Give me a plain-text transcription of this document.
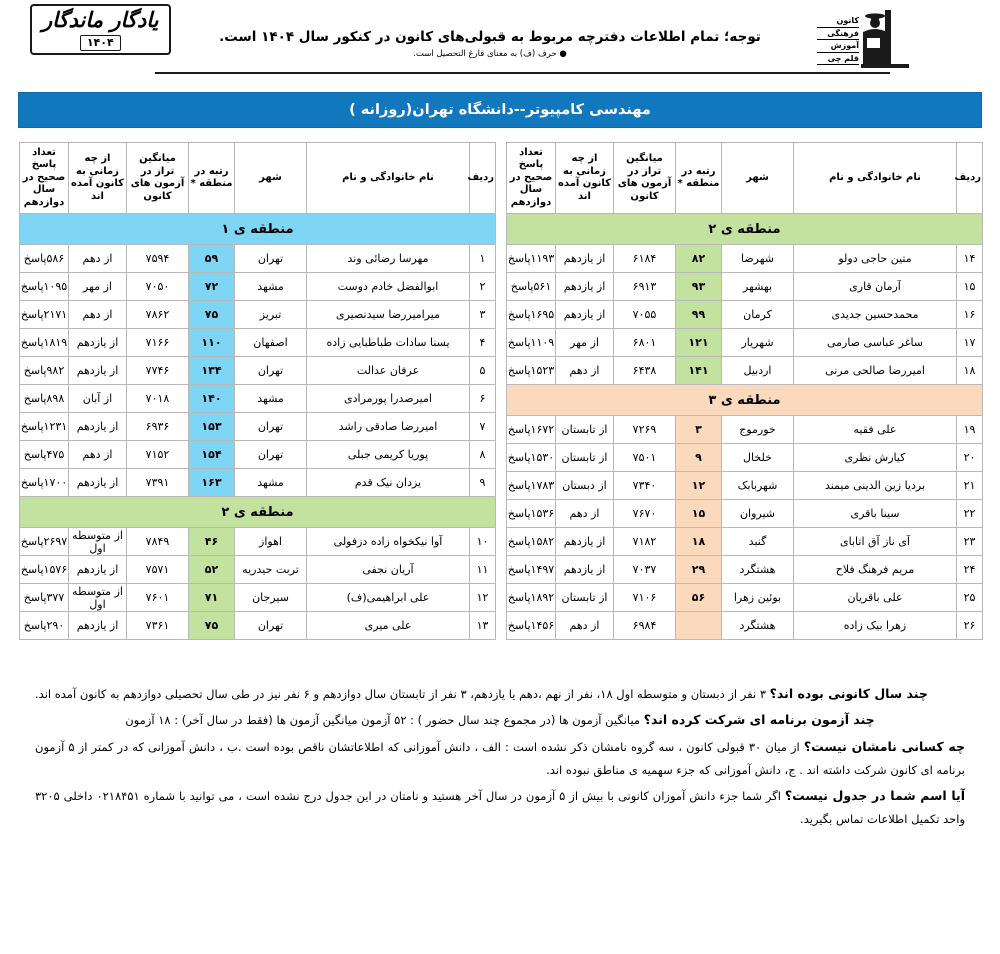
کانون
فرهنگی
آموزش
قلم چی
توجه؛ تمام اطلاعات دفترچه مربوط به قبولی‌های کانون در کنکور سال ۱۴۰۴ است.
● حرف (ف) به معنای فارغ التحصیل است.
یادگار ماندگار
۱۴۰۴
مهندسی کامپیوتر--دانشگاه تهران(روزانه )
ردیف	نام خانوادگی و نام	شهر	رتبه در منطقه *	میانگین تراز در آزمون های کانون	از چه زمانی به کانون آمده اند	تعداد پاسخ صحیح در سال دوازدهم
منطقه ی ۱						
۱	مهرسا رضائی وند	تهران	۵۹	۷۵۹۴	از دهم	۵۸۶پاسخ
۲	ابوالفضل خادم دوست	مشهد	۷۲	۷۰۵۰	از مهر	۱۰۹۵پاسخ
۳	میرامیررضا سیدنصیری	تبریز	۷۵	۷۸۶۲	از دهم	۲۱۷۱پاسخ
۴	یسنا سادات طباطبایی زاده	اصفهان	۱۱۰	۷۱۶۶	از یازدهم	۱۸۱۹پاسخ
۵	عرفان عدالت	تهران	۱۳۴	۷۷۴۶	از یازدهم	۹۸۲پاسخ
۶	امیرصدرا پورمرادی	مشهد	۱۴۰	۷۰۱۸	از آبان	۸۹۸پاسخ
۷	امیررضا صادقی راشد	تهران	۱۵۳	۶۹۳۶	از یازدهم	۱۲۳۱پاسخ
۸	پوریا کریمی جبلی	تهران	۱۵۴	۷۱۵۲	از دهم	۴۷۵پاسخ
۹	یزدان نیک قدم	مشهد	۱۶۳	۷۳۹۱	از یازدهم	۱۷۰۰پاسخ
منطقه ی ۲						
۱۰	آوا نیکخواه زاده دزفولی	اهواز	۴۶	۷۸۴۹	از متوسطه اول	۲۶۹۷پاسخ
۱۱	آریان نجفی	تربت حیدریه	۵۲	۷۵۷۱	از یازدهم	۱۵۷۶پاسخ
۱۲	علی ابراهیمی(ف)	سیرجان	۷۱	۷۶۰۱	از متوسطه اول	۳۷۷پاسخ
۱۳	علی میری	تهران	۷۵	۷۳۶۱	از یازدهم	۲۹۰پاسخ
ردیف	نام خانوادگی و نام	شهر	رتبه در منطقه *	میانگین تراز در آزمون های کانون	از چه زمانی به کانون آمده اند	تعداد پاسخ صحیح در سال دوازدهم
منطقه ی ۲						
۱۴	متین حاجی دولو	شهرضا	۸۲	۶۱۸۴	از یازدهم	۱۱۹۳پاسخ
۱۵	آرمان قاری	بهشهر	۹۳	۶۹۱۳	از یازدهم	۵۶۱پاسخ
۱۶	محمدحسین جدیدی	کرمان	۹۹	۷۰۵۵	از یازدهم	۱۶۹۵پاسخ
۱۷	ساغر عباسی صارمی	شهریار	۱۲۱	۶۸۰۱	از مهر	۱۱۰۹پاسخ
۱۸	امیررضا صالحی مرنی	اردبیل	۱۴۱	۶۴۳۸	از دهم	۱۵۲۳پاسخ
منطقه ی ۳						
۱۹	علی فقیه	خورموج	۳	۷۲۶۹	از تابستان	۱۶۷۲پاسخ
۲۰	کیارش نظری	خلخال	۹	۷۵۰۱	از تابستان	۱۵۳۰پاسخ
۲۱	بردیا زین الدینی میمند	شهربابک	۱۲	۷۳۴۰	از دبستان	۱۷۸۳پاسخ
۲۲	سینا باقری	شیروان	۱۵	۷۶۷۰	از دهم	۱۵۳۶پاسخ
۲۳	آی ناز آق اتابای	گنبد	۱۸	۷۱۸۲	از یازدهم	۱۵۸۲پاسخ
۲۴	مریم فرهنگ فلاح	هشتگرد	۲۹	۷۰۳۷	از یازدهم	۱۴۹۷پاسخ
۲۵	علی باقریان	بوئین زهرا	۵۶	۷۱۰۶	از تابستان	۱۸۹۲پاسخ
۲۶	زهرا بیک زاده	هشتگرد		۶۹۸۴	از دهم	۱۴۵۶پاسخ
چند سال کانونی بوده اند؟ ۳ نفر از دبستان و متوسطه اول ۱۸، نفر از نهم ،دهم یا یازدهم، ۳ نفر از تابستان سال دوازدهم و ۶ نفر نیز در طی سال تحصیلی دوازدهم به کانون آمده اند.
چند آزمون برنامه ای شرکت کرده اند؟ میانگین آزمون ها (در مجموع چند سال حضور ) : ۵۲ آزمون میانگین آزمون ها (فقط در سال آخر) : ۱۸ آزمون
چه کسانی نامشان نیست؟ از میان ۳۰ قبولی کانون ، سه گروه نامشان ذکر نشده است : الف ، دانش آموزانی که اطلاعاتشان ناقص بوده است .ب ، دانش آموزانی که در کمتر از ۵ آزمون برنامه ای کانون شرکت داشته اند . ج، دانش آموزانی که جزء سهمیه ی مناطق نبوده اند.
آیا اسم شما در جدول نیست؟ اگر شما جزء دانش آموزان کانونی با بیش از ۵ آزمون در سال آخر هستید و نامتان در این جدول درج نشده است ، می توانید با شماره ۰۲۱۸۴۵۱ داخلی ۳۲۰۵ واحد تکمیل اطلاعات تماس بگیرید.
